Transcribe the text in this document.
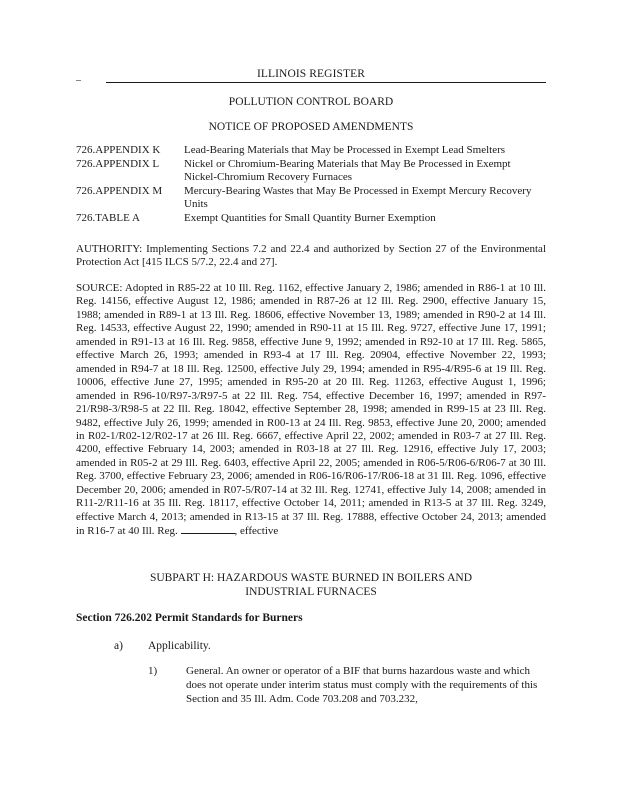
_	ILLINOIS REGISTER
POLLUTION CONTROL BOARD
NOTICE OF PROPOSED AMENDMENTS
726.APPENDIX K	Lead-Bearing Materials that May be Processed in Exempt Lead Smelters
726.APPENDIX L	Nickel or Chromium-Bearing Materials that May Be Processed in Exempt Nickel-Chromium Recovery Furnaces
726.APPENDIX M	Mercury-Bearing Wastes that May Be Processed in Exempt Mercury Recovery Units
726.TABLE A	Exempt Quantities for Small Quantity Burner Exemption
AUTHORITY: Implementing Sections 7.2 and 22.4 and authorized by Section 27 of the Environmental Protection Act [415 ILCS 5/7.2, 22.4 and 27].
SOURCE: Adopted in R85-22 at 10 Ill. Reg. 1162, effective January 2, 1986; amended in R86-1 at 10 Ill. Reg. 14156, effective August 12, 1986; amended in R87-26 at 12 Ill. Reg. 2900, effective January 15, 1988; amended in R89-1 at 13 Ill. Reg. 18606, effective November 13, 1989; amended in R90-2 at 14 Ill. Reg. 14533, effective August 22, 1990; amended in R90-11 at 15 Ill. Reg. 9727, effective June 17, 1991; amended in R91-13 at 16 Ill. Reg. 9858, effective June 9, 1992; amended in R92-10 at 17 Ill. Reg. 5865, effective March 26, 1993; amended in R93-4 at 17 Ill. Reg. 20904, effective November 22, 1993; amended in R94-7 at 18 Ill. Reg. 12500, effective July 29, 1994; amended in R95-4/R95-6 at 19 Ill. Reg. 10006, effective June 27, 1995; amended in R95-20 at 20 Ill. Reg. 11263, effective August 1, 1996; amended in R96-10/R97-3/R97-5 at 22 Ill. Reg. 754, effective December 16, 1997; amended in R97-21/R98-3/R98-5 at 22 Ill. Reg. 18042, effective September 28, 1998; amended in R99-15 at 23 Ill. Reg. 9482, effective July 26, 1999; amended in R00-13 at 24 Ill. Reg. 9853, effective June 20, 2000; amended in R02-1/R02-12/R02-17 at 26 Ill. Reg. 6667, effective April 22, 2002; amended in R03-7 at 27 Ill. Reg. 4200, effective February 14, 2003; amended in R03-18 at 27 Ill. Reg. 12916, effective July 17, 2003; amended in R05-2 at 29 Ill. Reg. 6403, effective April 22, 2005; amended in R06-5/R06-6/R06-7 at 30 Ill. Reg. 3700, effective February 23, 2006; amended in R06-16/R06-17/R06-18 at 31 Ill. Reg. 1096, effective December 20, 2006; amended in R07-5/R07-14 at 32 Ill. Reg. 12741, effective July 14, 2008; amended in R11-2/R11-16 at 35 Ill. Reg. 18117, effective October 14, 2011; amended in R13-5 at 37 Ill. Reg. 3249, effective March 4, 2013; amended in R13-15 at 37 Ill. Reg. 17888, effective October 24, 2013; amended in R16-7 at 40 Ill. Reg.	, effective
SUBPART H: HAZARDOUS WASTE BURNED IN BOILERS AND
INDUSTRIAL FURNACES
Section 726.202 Permit Standards for Burners
a) Applicability.
1)	General. An owner or operator of a BIF that burns hazardous waste and which does not operate under interim status must comply with the requirements of this Section and 35 Ill. Adm. Code 703.208 and 703.232,
